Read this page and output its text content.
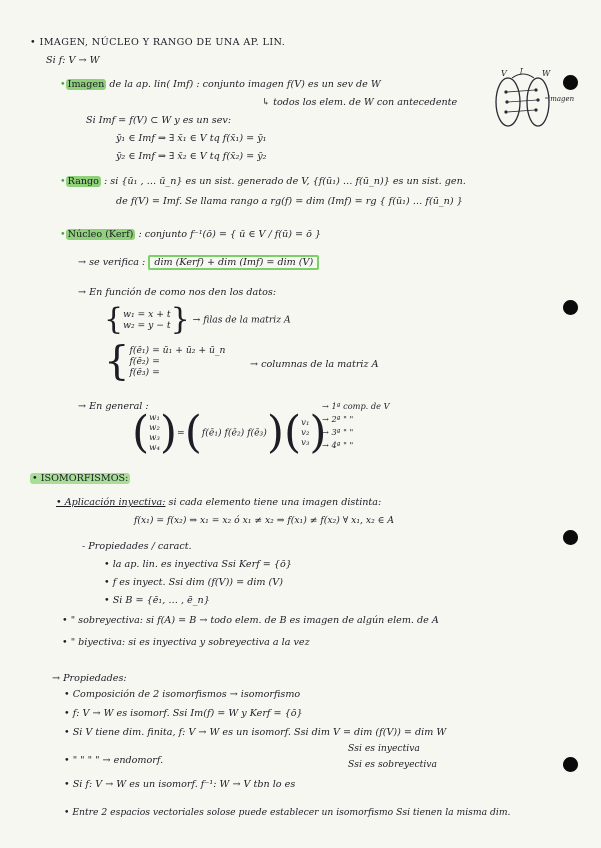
• IMAGEN, NÚCLEO Y RANGO DE UNA AP. LIN.
Si f: V → W
• Imagen de la ap. lin( Imf) : conjunto imagen f(V) es un sev de W
↳ todos los elem. de W con antecedente
V f W
imagen
Si Imf = f(V) ⊂ W y es un sev:
ȳ₁ ∈ Imf ⇒ ∃ x̄₁ ∈ V tq f(x̄₁) = ȳ₁
ȳ₂ ∈ Imf ⇒ ∃ x̄₂ ∈ V tq f(x̄₂) = ȳ₂
• Rango : si {ū₁ , … ū_n} es un sist. generado de V, {f(ū₁) … f(ū_n)} es un sist. gen.
de f(V) = Imf. Se llama rango a rg(f) = dim (Imf) = rg { f(ū₁) … f(ū_n) }
• Núcleo (Kerf) : conjunto f⁻¹(ō) = { ū ∈ V / f(ū) = ō }
→ se verifica : dim (Kerf) + dim (Imf) = dim (V)
→ En función de como nos den los datos:
{ w₁ = x + t
w₂ = y − t } → filas de la matriz A
{ f(ē₁) = ū₁ + ū₂ + ū_n
f(ē₂) =
f(ē₃) =
→ columnas de la matriz A
→ En general :
( w₁
w₂
w₃
w₄ )=(f(ē₁) f(ē₂) f(ē₃))( v₁
v₂
v₃ )
→ 1ª comp. de V
→ 2ª " "
→ 3ª " "
→ 4ª " "
• ISOMORFISMOS:
• Aplicación inyectiva: si cada elemento tiene una imagen distinta:
f(x₁) = f(x₂) ⇒ x₁ = x₂ ó x₁ ≠ x₂ ⇒ f(x₁) ≠ f(x₂) ∀ x₁, x₂ ∈ A
- Propiedades / caract.
• la ap. lin. es inyectiva Ssi Kerf = {ō}
• f es inyect. Ssi dim (f(V)) = dim (V)
• Si B = {ē₁, … , ē_n}
• " sobreyectiva: si f(A) = B → todo elem. de B es imagen de algún elem. de A
• " biyectiva: si es inyectiva y sobreyectiva a la vez
→ Propiedades:
• Composición de 2 isomorfismos → isomorfismo
• f: V → W es isomorf. Ssi Im(f) = W y Kerf = {ō}
• Si V tiene dim. finita, f: V → W es un isomorf. Ssi dim V = dim (f(V)) = dim W
• " " " " → endomorf.
Ssi es inyectiva
Ssi es sobreyectiva
• Si f: V → W es un isomorf. f⁻¹: W → V tbn lo es
• Entre 2 espacios vectoriales solose puede establecer un isomorfismo Ssi tienen la misma dim.
